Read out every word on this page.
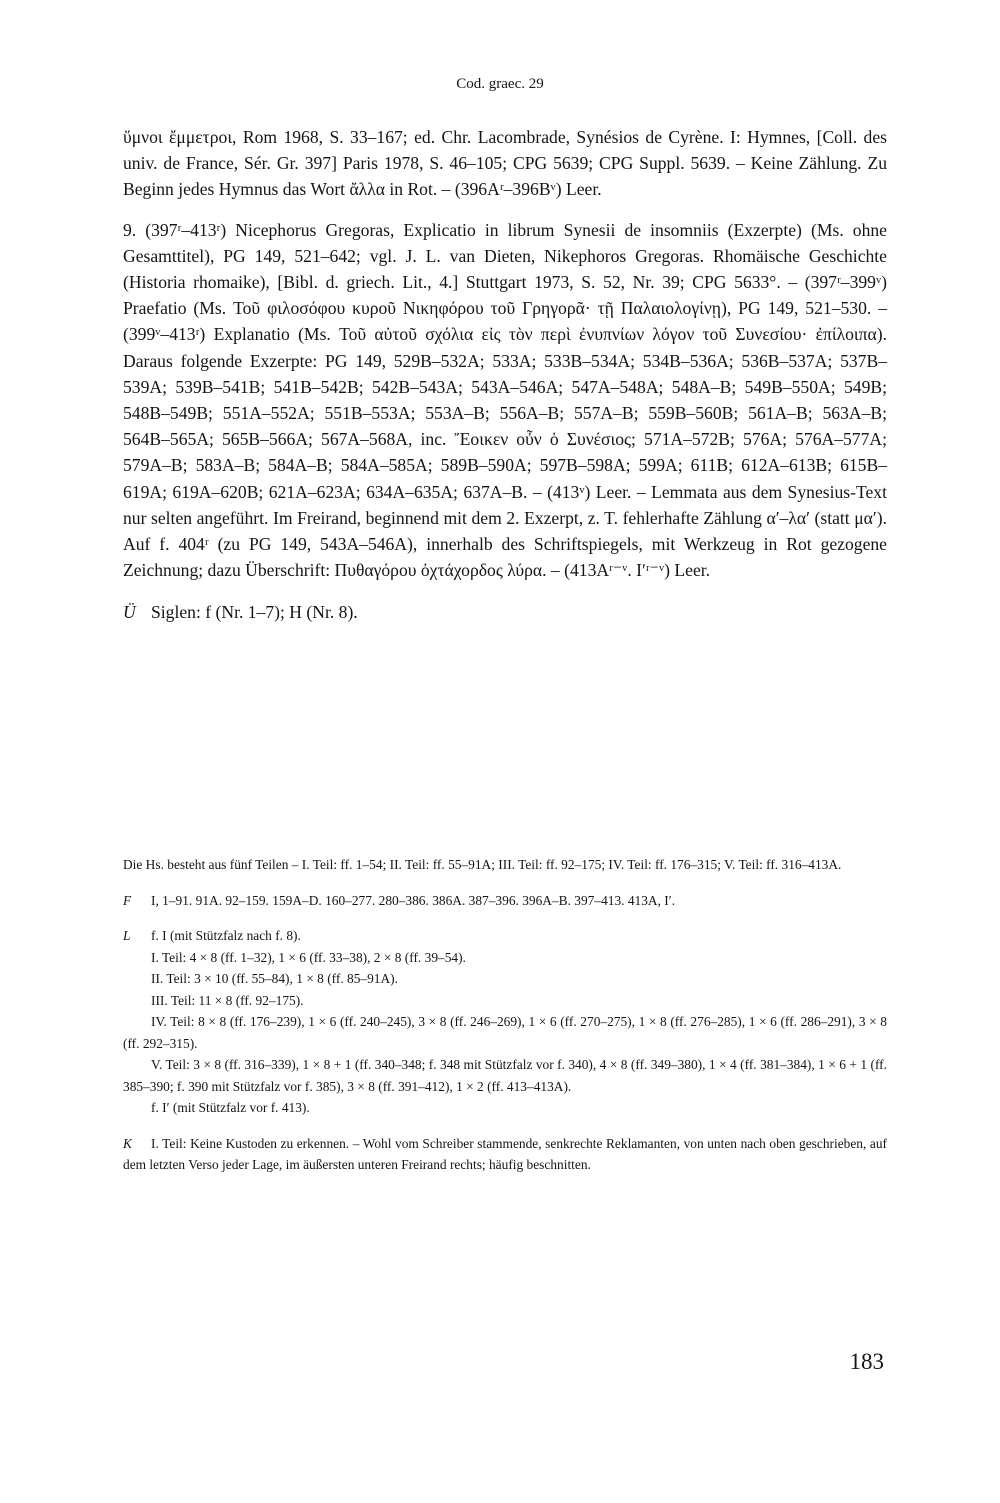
Cod. graec. 29

ὕμνοι ἔμμετροι, Rom 1968, S. 33–167; ed. Chr. Lacombrade, Synésios de Cyrène. I: Hymnes, [Coll. des univ. de France, Sér. Gr. 397] Paris 1978, S. 46–105; CPG 5639; CPG Suppl. 5639. – Keine Zählung. Zu Beginn jedes Hymnus das Wort ἄλλα in Rot. – (396Aʳ–396Bᵛ) Leer.

9. (397ʳ–413ʳ) Nicephorus Gregoras, Explicatio in librum Synesii de insomniis (Exzerpte) (Ms. ohne Gesamttitel), PG 149, 521–642; vgl. J. L. van Dieten, Nikephoros Gregoras. Rhomäische Geschichte (Historia rhomaike), [Bibl. d. griech. Lit., 4.] Stuttgart 1973, S. 52, Nr. 39; CPG 5633°. – (397ʳ–399ᵛ) Praefatio (Ms. Τοῦ φιλοσόφου κυροῦ Νικηφόρου τοῦ Γρηγορᾶ· τῇ Παλαιολογίνῃ), PG 149, 521–530. – (399ᵛ–413ʳ) Explanatio (Ms. Τοῦ αὐτοῦ σχόλια εἰς τὸν περὶ ἐνυπνίων λόγον τοῦ Συνεσίου· ἐπίλοιπα). Daraus folgende Exzerpte: PG 149, 529B–532A; 533A; 533B–534A; 534B–536A; 536B–537A; 537B–539A; 539B–541B; 541B–542B; 542B–543A; 543A–546A; 547A–548A; 548A–B; 549B–550A; 549B; 548B–549B; 551A–552A; 551B–553A; 553A–B; 556A–B; 557A–B; 559B–560B; 561A–B; 563A–B; 564B–565A; 565B–566A; 567A–568A, inc. Ἔοικεν οὖν ὁ Συνέσιος; 571A–572B; 576A; 576A–577A; 579A–B; 583A–B; 584A–B; 584A–585A; 589B–590A; 597B–598A; 599A; 611B; 612A–613B; 615B–619A; 619A–620B; 621A–623A; 634A–635A; 637A–B. – (413ᵛ) Leer. – Lemmata aus dem Synesius-Text nur selten angeführt. Im Freirand, beginnend mit dem 2. Exzerpt, z. T. fehlerhafte Zählung α′–λα′ (statt μα′). Auf f. 404ʳ (zu PG 149, 543A–546A), innerhalb des Schriftspiegels, mit Werkzeug in Rot gezogene Zeichnung; dazu Überschrift: Πυθαγόρου ὀχτάχορδος λύρα. – (413Aʳ⁻ᵛ. Iʹʳ⁻ᵛ) Leer.

Ü Siglen: f (Nr. 1–7); H (Nr. 8).

Die Hs. besteht aus fünf Teilen – I. Teil: ff. 1–54; II. Teil: ff. 55–91A; III. Teil: ff. 92–175; IV. Teil: ff. 176–315; V. Teil: ff. 316–413A.

F I, 1–91. 91A. 92–159. 159A–D. 160–277. 280–386. 386A. 387–396. 396A–B. 397–413. 413A, I′.

L f. I (mit Stützfalz nach f. 8).

I. Teil: 4 × 8 (ff. 1–32), 1 × 6 (ff. 33–38), 2 × 8 (ff. 39–54).

II. Teil: 3 × 10 (ff. 55–84), 1 × 8 (ff. 85–91A).

III. Teil: 11 × 8 (ff. 92–175).

IV. Teil: 8 × 8 (ff. 176–239), 1 × 6 (ff. 240–245), 3 × 8 (ff. 246–269), 1 × 6 (ff. 270–275), 1 × 8 (ff. 276–285), 1 × 6 (ff. 286–291), 3 × 8 (ff. 292–315).

V. Teil: 3 × 8 (ff. 316–339), 1 × 8 + 1 (ff. 340–348; f. 348 mit Stützfalz vor f. 340), 4 × 8 (ff. 349–380), 1 × 4 (ff. 381–384), 1 × 6 + 1 (ff. 385–390; f. 390 mit Stützfalz vor f. 385), 3 × 8 (ff. 391–412), 1 × 2 (ff. 413–413A).

f. I′ (mit Stützfalz vor f. 413).

K I. Teil: Keine Kustoden zu erkennen. – Wohl vom Schreiber stammende, senkrechte Reklamanten, von unten nach oben geschrieben, auf dem letzten Verso jeder Lage, im äußersten unteren Freirand rechts; häufig beschnitten.

183
